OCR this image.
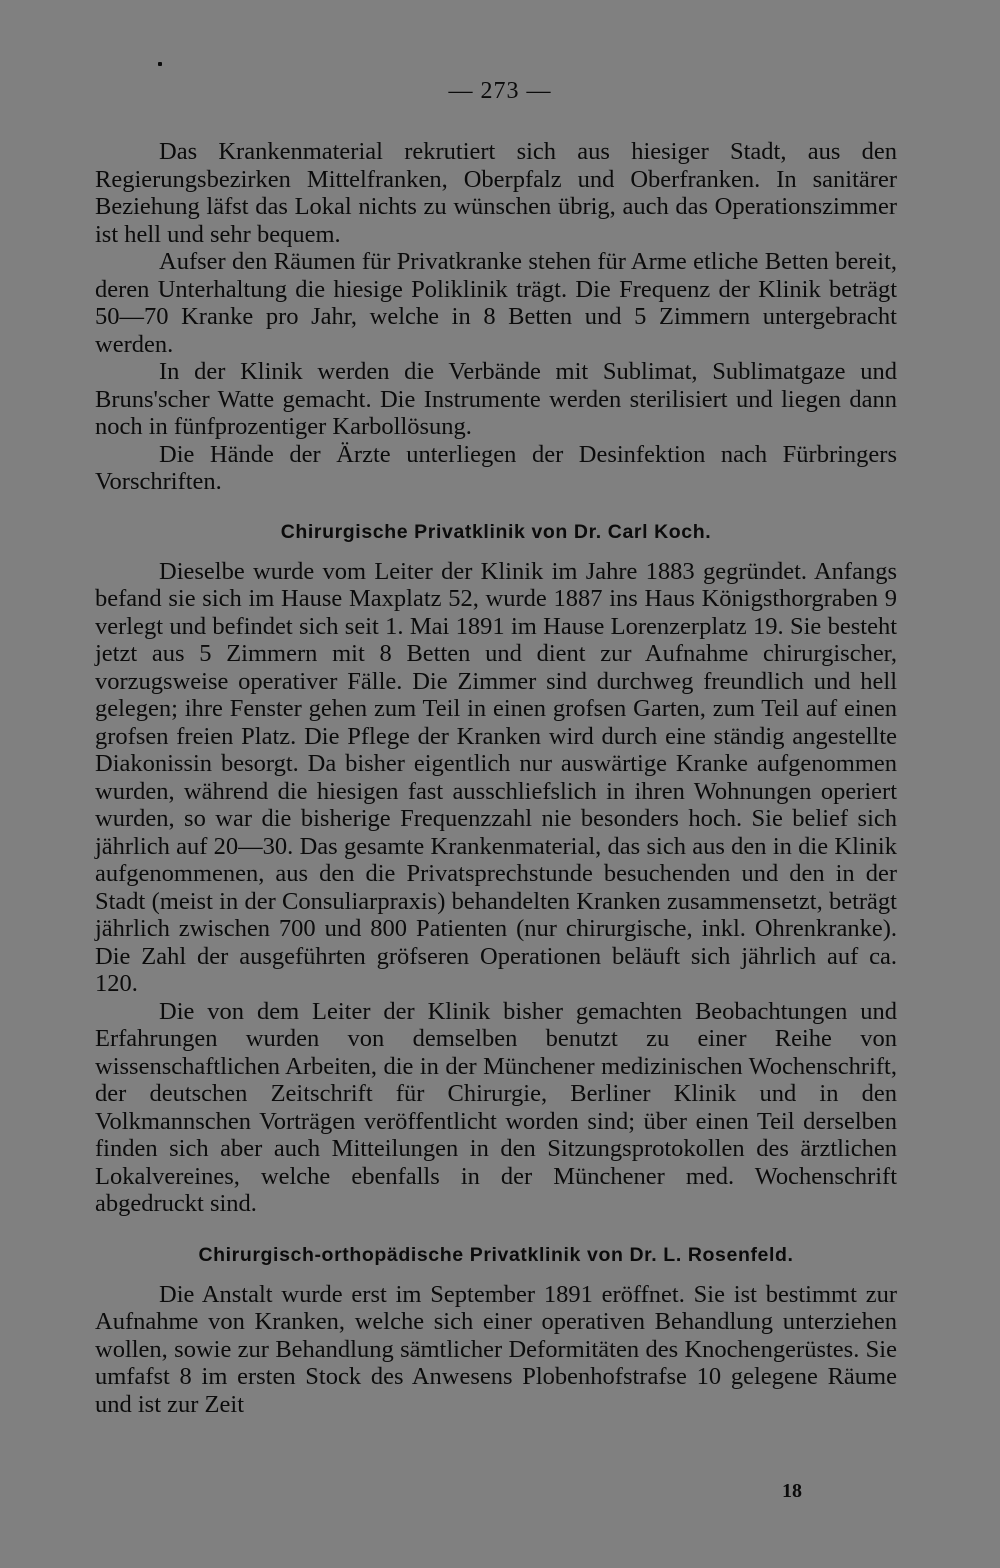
— 273 —

Das Krankenmaterial rekrutiert sich aus hiesiger Stadt, aus den Regierungsbezirken Mittelfranken, Oberpfalz und Oberfranken. In sanitärer Beziehung läfst das Lokal nichts zu wünschen übrig, auch das Operationszimmer ist hell und sehr bequem.

Aufser den Räumen für Privatkranke stehen für Arme etliche Betten bereit, deren Unterhaltung die hiesige Poliklinik trägt. Die Frequenz der Klinik beträgt 50—70 Kranke pro Jahr, welche in 8 Betten und 5 Zimmern untergebracht werden.

In der Klinik werden die Verbände mit Sublimat, Sublimatgaze und Bruns'scher Watte gemacht. Die Instrumente werden sterilisiert und liegen dann noch in fünfprozentiger Karbollösung.

Die Hände der Ärzte unterliegen der Desinfektion nach Fürbringers Vorschriften.

Chirurgische Privatklinik von Dr. Carl Koch.

Dieselbe wurde vom Leiter der Klinik im Jahre 1883 gegründet. Anfangs befand sie sich im Hause Maxplatz 52, wurde 1887 ins Haus Königsthorgraben 9 verlegt und befindet sich seit 1. Mai 1891 im Hause Lorenzerplatz 19. Sie besteht jetzt aus 5 Zimmern mit 8 Betten und dient zur Aufnahme chirurgischer, vorzugsweise operativer Fälle. Die Zimmer sind durchweg freundlich und hell gelegen; ihre Fenster gehen zum Teil in einen grofsen Garten, zum Teil auf einen grofsen freien Platz. Die Pflege der Kranken wird durch eine ständig angestellte Diakonissin besorgt. Da bisher eigentlich nur auswärtige Kranke aufgenommen wurden, während die hiesigen fast ausschliefslich in ihren Wohnungen operiert wurden, so war die bisherige Frequenzzahl nie besonders hoch. Sie belief sich jährlich auf 20—30. Das gesamte Krankenmaterial, das sich aus den in die Klinik aufgenommenen, aus den die Privatsprechstunde besuchenden und den in der Stadt (meist in der Consuliarpraxis) behandelten Kranken zusammensetzt, beträgt jährlich zwischen 700 und 800 Patienten (nur chirurgische, inkl. Ohrenkranke). Die Zahl der ausgeführten gröfseren Operationen beläuft sich jährlich auf ca. 120.

Die von dem Leiter der Klinik bisher gemachten Beobachtungen und Erfahrungen wurden von demselben benutzt zu einer Reihe von wissenschaftlichen Arbeiten, die in der Münchener medizinischen Wochenschrift, der deutschen Zeitschrift für Chirurgie, Berliner Klinik und in den Volkmannschen Vorträgen veröffentlicht worden sind; über einen Teil derselben finden sich aber auch Mitteilungen in den Sitzungsprotokollen des ärztlichen Lokalvereines, welche ebenfalls in der Münchener med. Wochenschrift abgedruckt sind.

Chirurgisch-orthopädische Privatklinik von Dr. L. Rosenfeld.

Die Anstalt wurde erst im September 1891 eröffnet. Sie ist bestimmt zur Aufnahme von Kranken, welche sich einer operativen Behandlung unterziehen wollen, sowie zur Behandlung sämtlicher Deformitäten des Knochengerüstes. Sie umfafst 8 im ersten Stock des Anwesens Plobenhofstrafse 10 gelegene Räume und ist zur Zeit

18
